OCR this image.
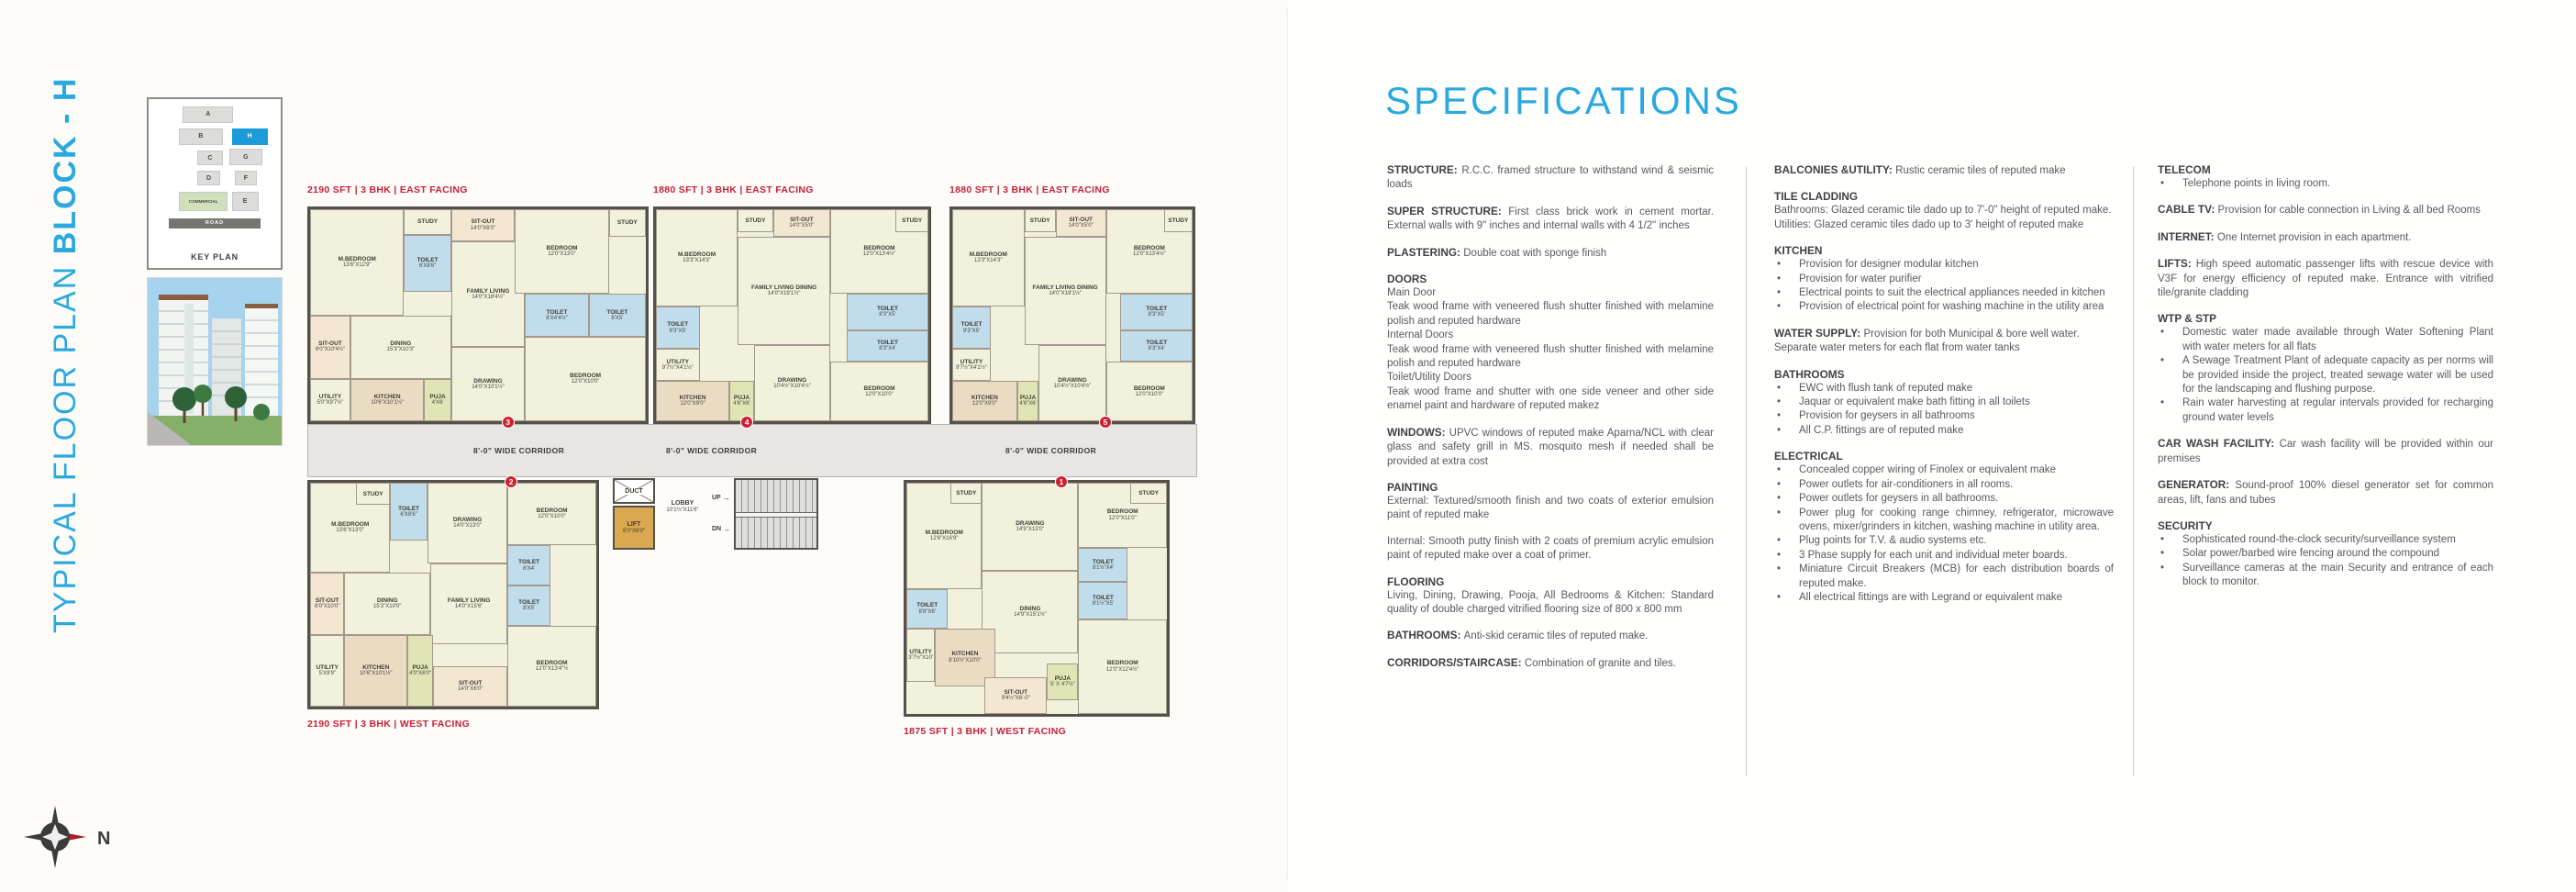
TYPICAL FLOOR PLAN BLOCK - H	A
B	H
C	G
D	F
COMMERCIAL	E
ROAD
KEY PLAN
8'-0" WIDE CORRIDOR	8'-0" WIDE CORRIDOR	8'-0" WIDE CORRIDOR
DUCT
LIFT
6'0"X6'0"
LOBBY
10'1½"X11'6"
UP →
DN →
M.BEDROOM
13'6"X12'9"
STUDY
TOILET
6'X8'6"
SIT-OUT
14'0"X6'0"
FAMILY LIVING
14'0"X18'4½"
BEDROOM
12'0"X13'0"
STUDY
TOILET
8'X5'
TOILET
8'X4'4½"
SIT-OUT
6'0"X10'4½"
DINING
15'3"X10'3"
UTILITY
5'0"X9'7½"
KITCHEN
10'6"X10'1½"
PUJA
4'X6'
DRAWING
14'0"X10'1½"
BEDROOM
12'0"X10'0"
3
2190 SFT | 3 BHK | EAST FACING
M.BEDROOM
13'3"X14'3"
STUDY	SIT-OUT
14'0"X5'0"
FAMILY LIVING DINING
14'0"X19'1½"
BEDROOM
12'0"X13'4½"
STUDY
TOILET
9'3"X5'
UTILITY
9'7½"X4'1½"
KITCHEN
12'0"X9'0"
PUJA
4'6"X6'
DRAWING
10'4½"X10'4½"
TOILET
8'3"X5'
TOILET
8'3"X4'
BEDROOM
12'0"X10'0"
4
1880 SFT | 3 BHK | EAST FACING
M.BEDROOM
13'3"X14'3"
STUDY	SIT-OUT
14'0"X5'0"
FAMILY LIVING DINING
14'0"X19'1½"
BEDROOM
12'0"X13'4½"
STUDY
TOILET
9'3"X5'
UTILITY
9'7½"X4'1½"
KITCHEN
12'0"X9'0"
PUJA
4'6"X6'
DRAWING
10'4½"X10'4½"
TOILET
8'3"X5'
TOILET
8'3"X4'
BEDROOM
12'0"X10'0"
5
1880 SFT | 3 BHK | EAST FACING
M.BEDROOM
13'6"X13'0"
STUDY
TOILET
6'X8'6"
DRAWING
14'0"X13'0"
BEDROOM
12'0"X10'0"
SIT-OUT
6'0"X10'0"
DINING
15'3"X10'0"
TOILET
8'X4'
TOILET
8'X5'
FAMILY LIVING
14'0"X15'6"
UTILITY
5'X9'9"
KITCHEN
10'6"X10'1½"
PUJA
4'0"X6'0"
SIT-OUT
14'0"X6'0"
BEDROOM
12'0"X13'4"½
2
2190 SFT | 3 BHK | WEST FACING
M.BEDROOM
12'6"X16'9"
STUDY
DRAWING
14'9"X13'0"
BEDROOM
12'0"X11'0"
STUDY
TOILET
8'1½"X4'
TOILET
8'1½"X5'
TOILET
8'8"X6'
UTILITY
3'7½"X10'
DINING
14'9"X15'1½"
KITCHEN
8'10½"X10'0"
SIT-OUT
9'4½"X6'-0"
PUJA
5' X 4'7½"
BEDROOM
12'0"X12'4½"
1
1875 SFT | 3 BHK | WEST FACING
N
SPECIFICATIONS
STRUCTURE: R.C.C. framed structure to withstand wind & seismic loads
SUPER STRUCTURE: First class brick work in cement mortar. External walls with 9" inches and internal walls with 4 1/2" inches
PLASTERING: Double coat with sponge finish
DOORS
Main Door
Teak wood frame with veneered flush shutter finished with melamine polish and reputed hardware
Internal Doors
Teak wood frame with veneered flush shutter finished with melamine polish and reputed hardware
Toilet/Utility Doors
Teak wood frame and shutter with one side veneer and other side enamel paint and hardware of reputed makez
WINDOWS: UPVC windows of reputed make Aparna/NCL with clear glass and safety grill in MS. mosquito mesh if needed shall be provided at extra cost
PAINTING
External: Textured/smooth finish and two coats of exterior emulsion paint of reputed make
Internal: Smooth putty finish with 2 coats of premium acrylic emulsion paint of reputed make over a coat of primer.
FLOORING
Living, Dining, Drawing, Pooja, All Bedrooms & Kitchen: Standard quality of double charged vitrified flooring size of 800 x 800 mm
BATHROOMS: Anti-skid ceramic tiles of reputed make.
CORRIDORS/STAIRCASE: Combination of granite and tiles.
BALCONIES &UTILITY: Rustic ceramic tiles of reputed make
TILE CLADDING
Bathrooms: Glazed ceramic tile dado up to 7'-0" height of reputed make.
Utilities: Glazed ceramic tiles dado up to 3' height of reputed make
KITCHEN
•	Provision for designer modular kitchen
•	Provision for water purifier
•	Electrical points to suit the electrical appliances needed in kitchen
•	Provision of electrical point for washing machine in the utility area
WATER SUPPLY: Provision for both Municipal & bore well water.
Separate water meters for each flat from water tanks
BATHROOMS
•	EWC with flush tank of reputed make
•	Jaquar or equivalent make bath fitting in all toilets
•	Provision for geysers in all bathrooms
•	All C.P. fittings are of reputed make
ELECTRICAL
•	Concealed copper wiring of Finolex or equivalent make
•	Power outlets for air-conditioners in all rooms.
•	Power outlets for geysers in all bathrooms.
•	Power plug for cooking range chimney, refrigerator, microwave ovens, mixer/grinders in kitchen, washing machine in utility area.
•	Plug points for T.V. & audio systems etc.
•	3 Phase supply for each unit and individual meter boards.
•	Miniature Circuit Breakers (MCB) for each distribution boards of reputed make.
•	All electrical fittings are with Legrand or equivalent make
TELECOM
•	Telephone points in living room.
CABLE TV: Provision for cable connection in Living & all bed Rooms
INTERNET: One Internet provision in each apartment.
LIFTS: High speed automatic passenger lifts with rescue device with V3F for energy efficiency of reputed make. Entrance with vitrified tile/granite cladding
WTP & STP
•	Domestic water made available through Water Softening Plant with water meters for all flats
•	A Sewage Treatment Plant of adequate capacity as per norms will be provided inside the project, treated sewage water will be used for the landscaping and flushing purpose.
•	Rain water harvesting at regular intervals provided for recharging ground water levels
CAR WASH FACILITY: Car wash facility will be provided within our premises
GENERATOR: Sound-proof 100% diesel generator set for common areas, lift, fans and tubes
SECURITY
•	Sophisticated round-the-clock security/surveillance system
•	Solar power/barbed wire fencing around the compound
•	Surveillance cameras at the main Security and entrance of each block to monitor.
